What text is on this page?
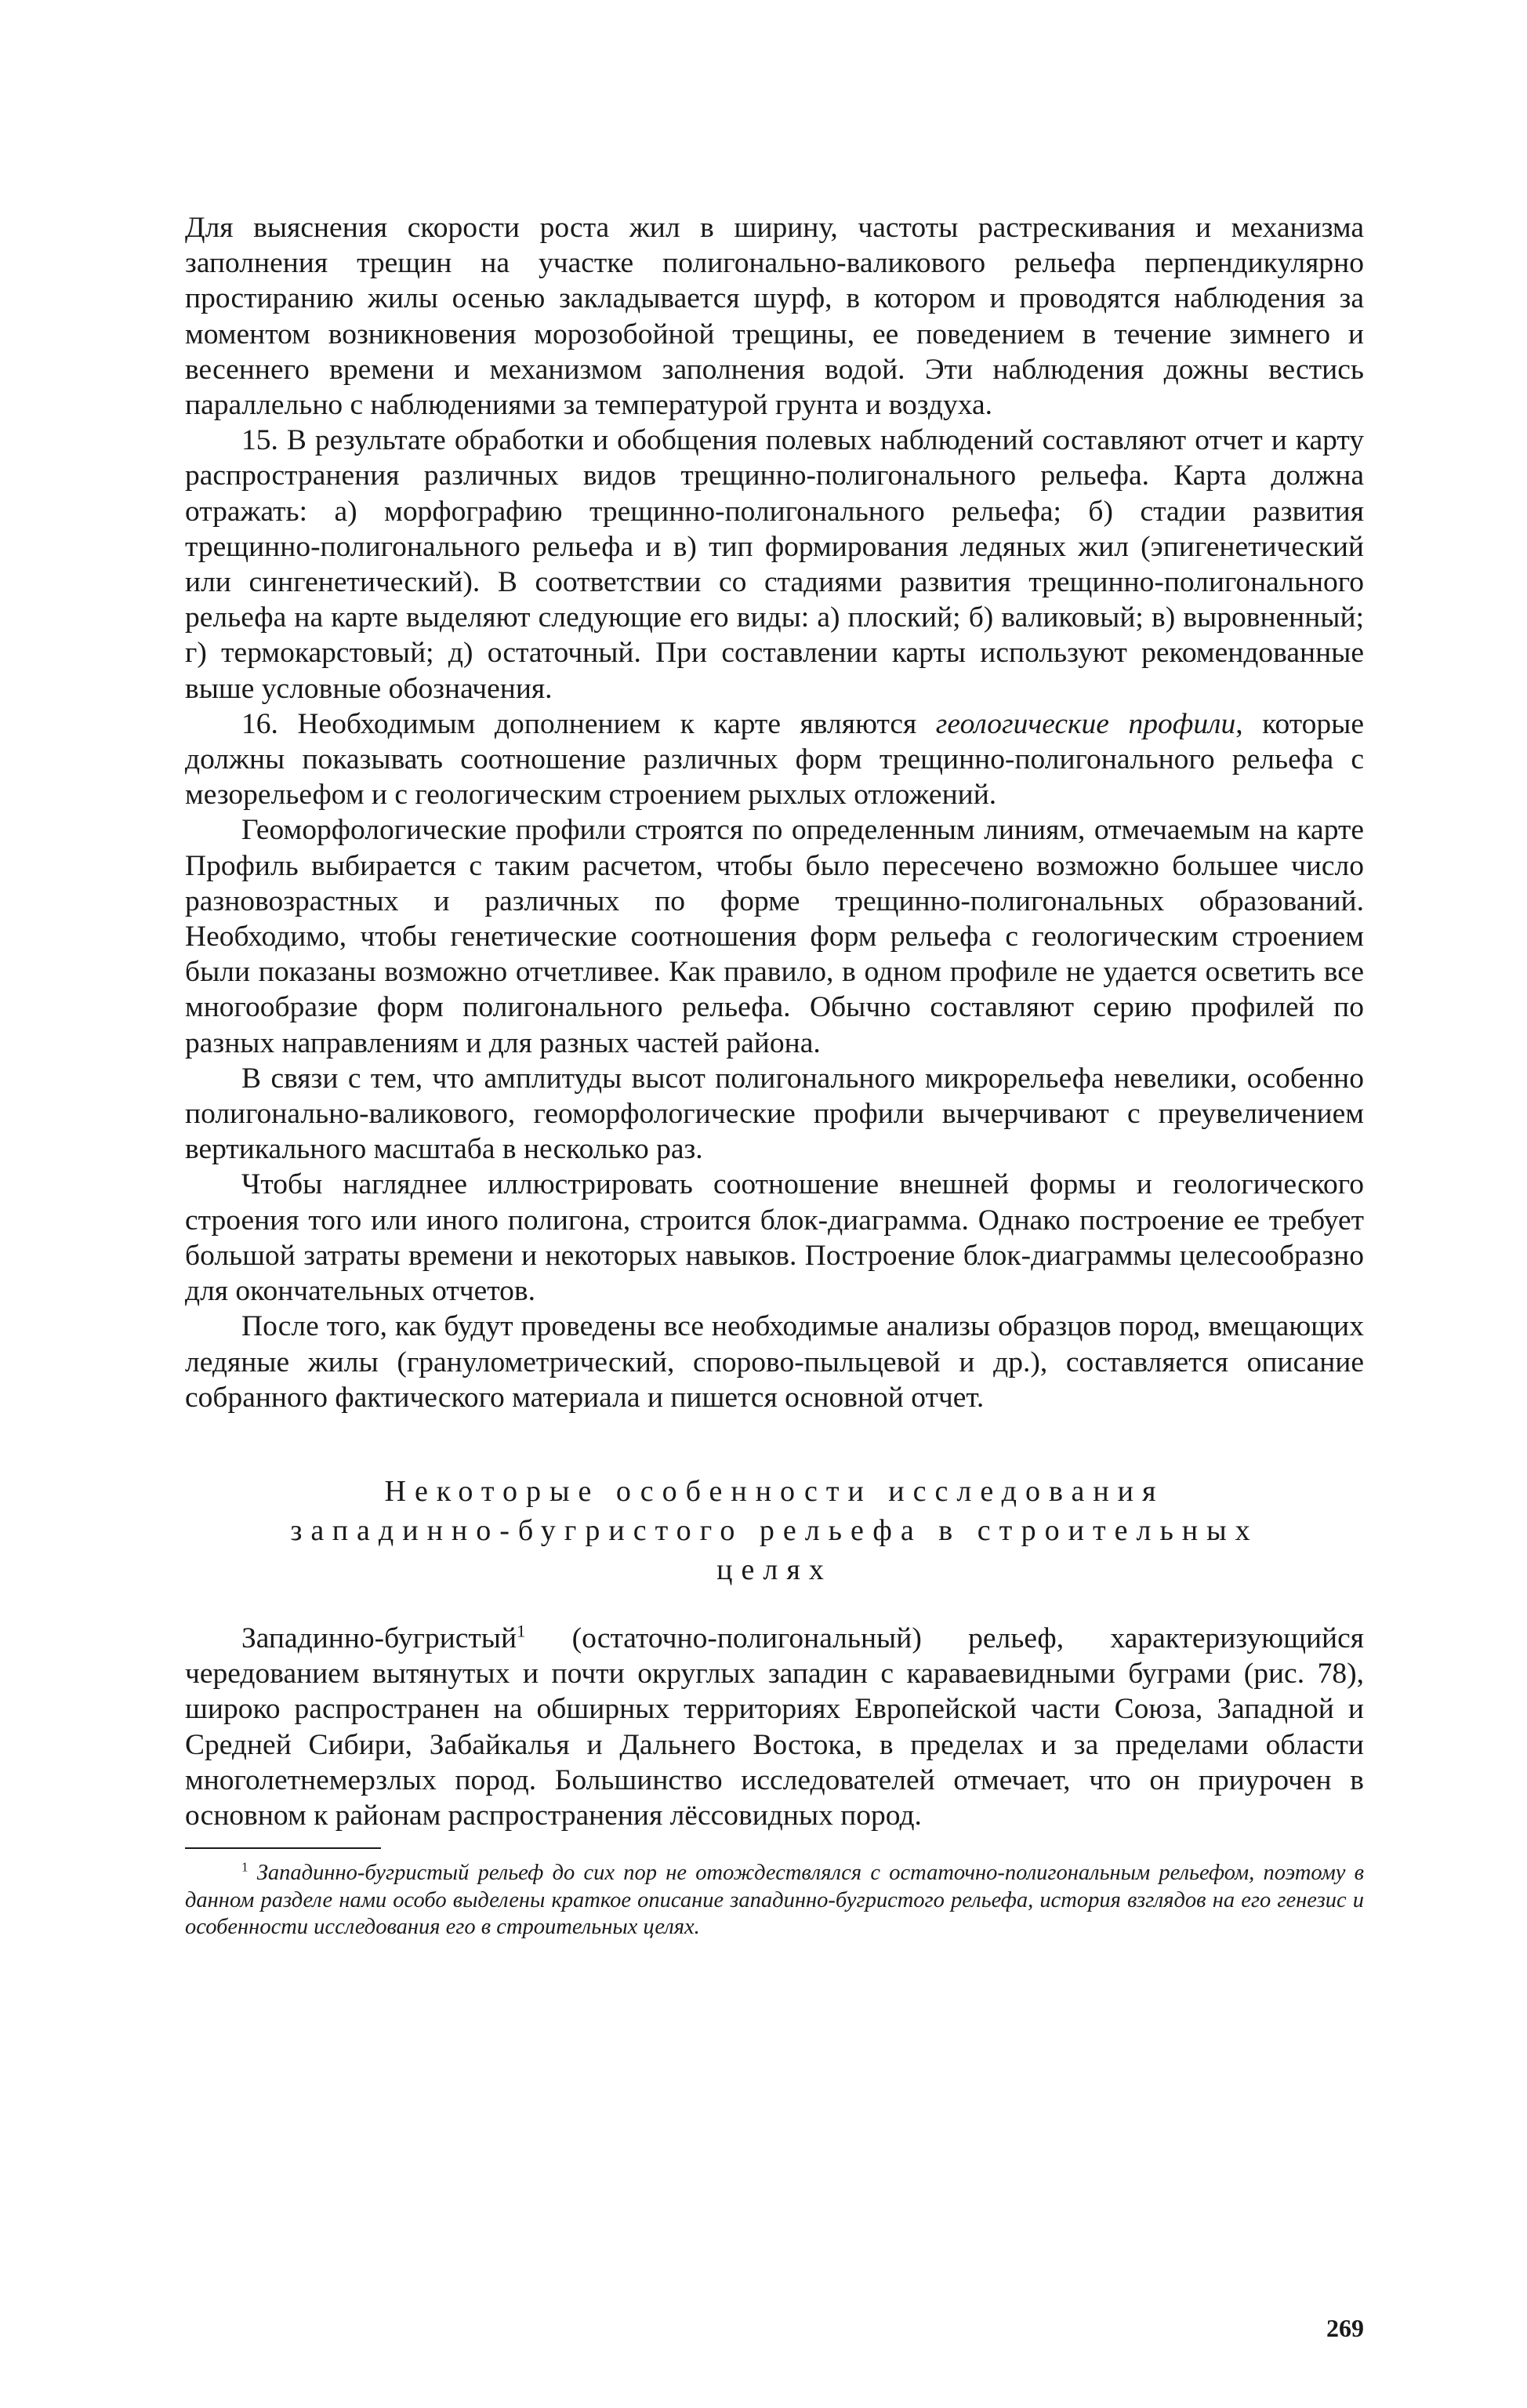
Для выяснения скорости роста жил в ширину, частоты растрескивания и механизма заполнения трещин на участке полигонально-валикового рельефа перпендикулярно простиранию жилы осенью закладывается шурф, в котором и проводятся наблюдения за моментом возникновения морозобойной трещины, ее поведением в течение зимнего и весеннего времени и механизмом заполнения водой. Эти наблюдения дожны вестись параллельно с наблюдениями за температурой грунта и воздуха.

15. В результате обработки и обобщения полевых наблюдений составляют отчет и карту распространения различных видов трещинно-полигонального рельефа. Карта должна отражать: а) морфографию трещинно-полигонального рельефа; б) стадии развития трещинно-полигонального рельефа и в) тип формирования ледяных жил (эпигенетический или сингенетический). В соответствии со стадиями развития трещинно-полигонального рельефа на карте выделяют следующие его виды: а) плоский; б) валиковый; в) выровненный; г) термокарстовый; д) остаточный. При составлении карты используют рекомендованные выше условные обозначения.

16. Необходимым дополнением к карте являются геологические профили, которые должны показывать соотношение различных форм трещинно-полигонального рельефа с мезорельефом и с геологическим строением рыхлых отложений.

Геоморфологические профили строятся по определенным линиям, отмечаемым на карте Профиль выбирается с таким расчетом, чтобы было пересечено возможно большее число разновозрастных и различных по форме трещинно-полигональных образований. Необходимо, чтобы генетические соотношения форм рельефа с геологическим строением были показаны возможно отчетливее. Как правило, в одном профиле не удается осветить все многообразие форм полигонального рельефа. Обычно составляют серию профилей по разных направлениям и для разных частей района.

В связи с тем, что амплитуды высот полигонального микрорельефа невелики, особенно полигонально-валикового, геоморфологические профили вычерчивают с преувеличением вертикального масштаба в несколько раз.

Чтобы нагляднее иллюстрировать соотношение внешней формы и геологического строения того или иного полигона, строится блок-диаграмма. Однако построение ее требует большой затраты времени и некоторых навыков. Построение блок-диаграммы целесообразно для окончательных отчетов.

После того, как будут проведены все необходимые анализы образцов пород, вмещающих ледяные жилы (гранулометрический, спорово-пыльцевой и др.), составляется описание собранного фактического материала и пишется основной отчет.

Некоторые особенности исследования
западинно-бугристого рельефа в строительных
целях

Западинно-бугристый$^1$ (остаточно-полигональный) рельеф, характеризующийся чередованием вытянутых и почти округлых западин с караваевидными буграми (рис. 78), широко распространен на обширных территориях Европейской части Союза, Западной и Средней Сибири, Забайкалья и Дальнего Востока, в пределах и за пределами области многолетнемерзлых пород. Большинство исследователей отмечает, что он приурочен в основном к районам распространения лёссовидных пород.

$^1$ Западинно-бугристый рельеф до сих пор не отождествлялся с остаточно-полигональным рельефом, поэтому в данном разделе нами особо выделены краткое описание западинно-бугристого рельефа, история взглядов на его генезис и особенности исследования его в строительных целях.

269
